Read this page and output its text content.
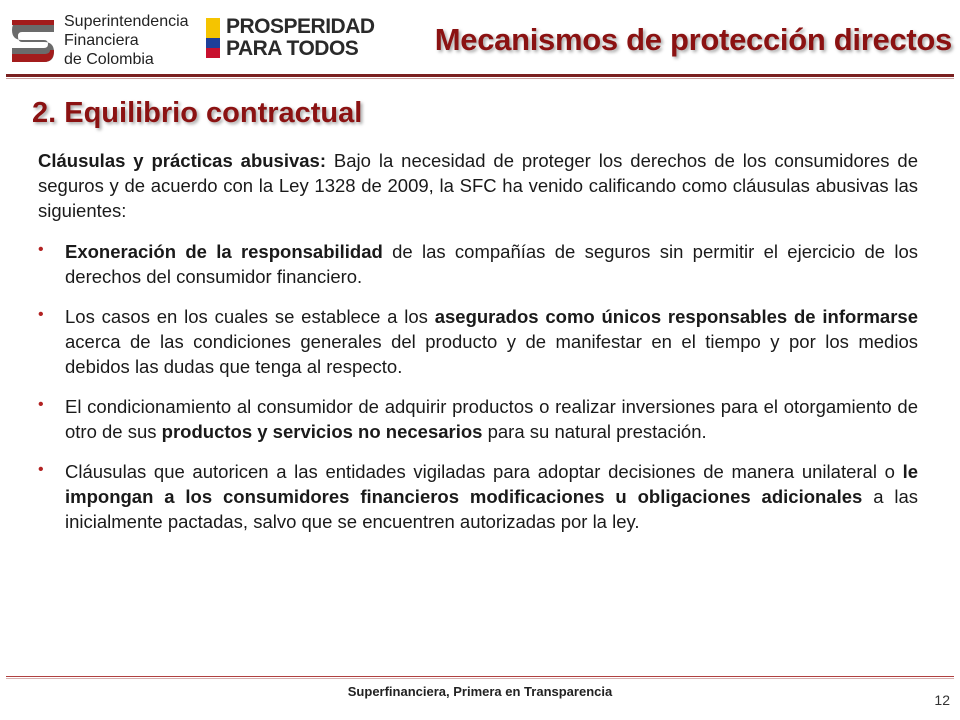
Superintendencia
Financiera
de Colombia
PROSPERIDAD
PARA TODOS	Mecanismos de protección directos
2. Equilibrio contractual

Cláusulas y prácticas abusivas: Bajo la necesidad de proteger los derechos de los consumidores de seguros y de acuerdo con la Ley 1328 de 2009, la SFC ha venido calificando como cláusulas abusivas las siguientes:

• Exoneración de la responsabilidad de las compañías de seguros sin permitir el ejercicio de los derechos del consumidor financiero.
• Los casos en los cuales se establece a los asegurados como únicos responsables de informarse acerca de las condiciones generales del producto y de manifestar en el tiempo y por los medios debidos las dudas que tenga al respecto.
• El condicionamiento al consumidor de adquirir productos o realizar inversiones para el otorgamiento de otro de sus productos y servicios no necesarios para su natural prestación.
• Cláusulas que autoricen a las entidades vigiladas para adoptar decisiones de manera unilateral o le impongan a los consumidores financieros modificaciones u obligaciones adicionales a las inicialmente pactadas, salvo que se encuentren autorizadas por la ley.
Superfinanciera, Primera en Transparencia
12
